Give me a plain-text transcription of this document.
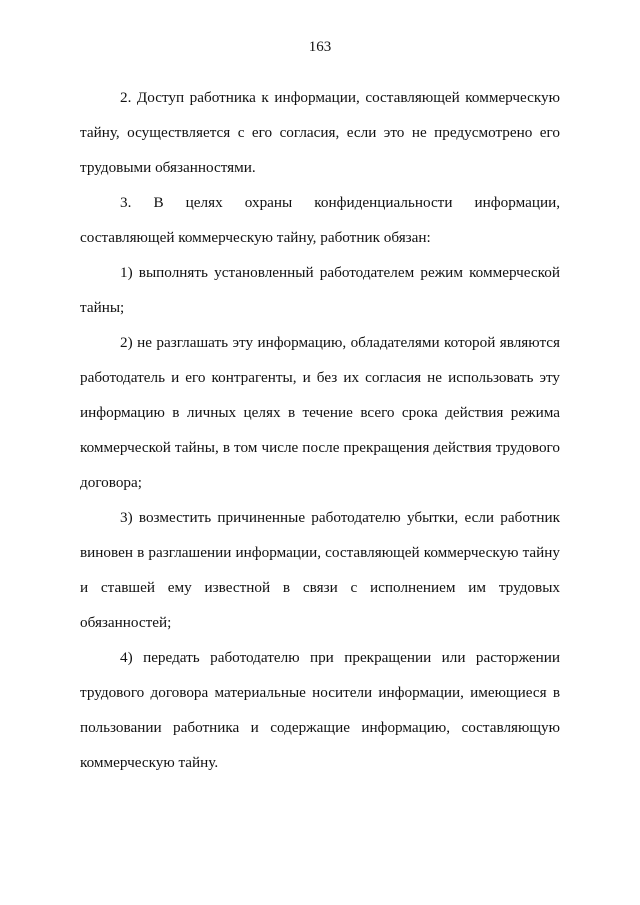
163

2. Доступ работника к информации, составляющей коммерческую тайну, осуществляется с его согласия, если это не предусмотрено его трудовыми обязанностями.

3. В целях охраны конфиденциальности информации, составляющей коммерческую тайну, работник обязан:

1) выполнять установленный работодателем режим коммерческой тайны;

2) не разглашать эту информацию, обладателями которой являются работодатель и его контрагенты, и без их согласия не использовать эту информацию в личных целях в течение всего срока действия режима коммерческой тайны, в том числе после прекращения действия трудового договора;

3) возместить причиненные работодателю убытки, если работник виновен в разглашении информации, составляющей коммерческую тайну и ставшей ему известной в связи с исполнением им трудовых обязанностей;

4) передать работодателю при прекращении или расторжении трудового договора материальные носители информации, имеющиеся в пользовании работника и содержащие информацию, составляющую коммерческую тайну.
